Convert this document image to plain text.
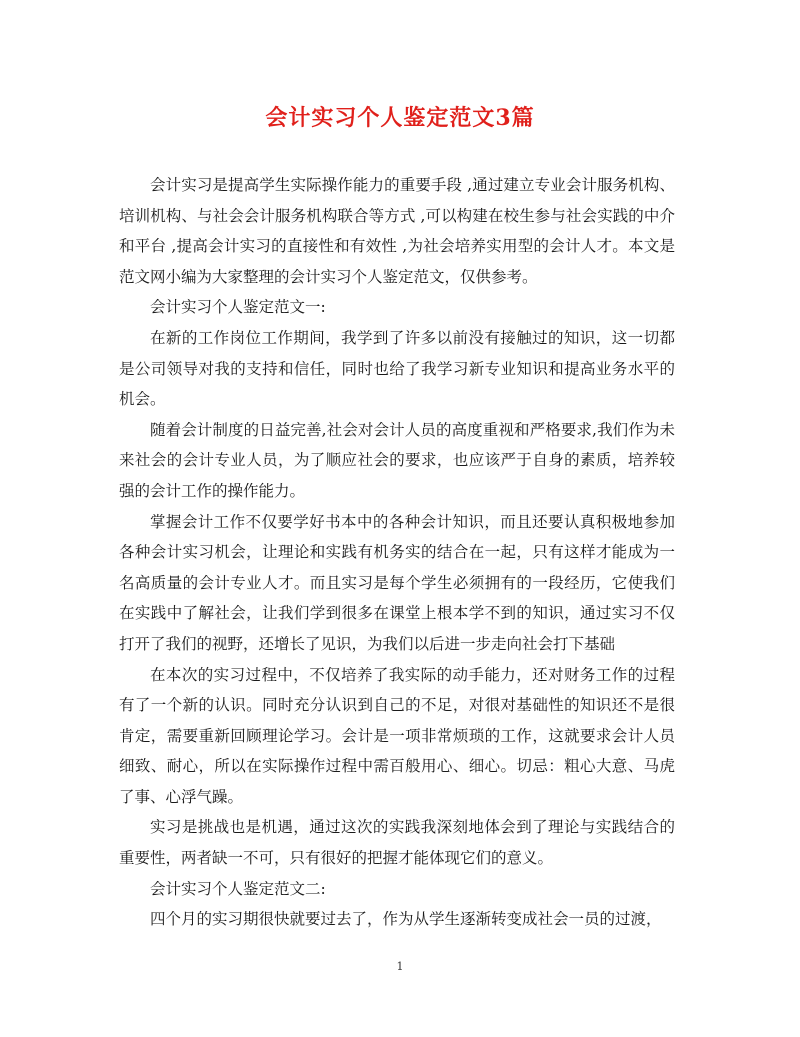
会计实习个人鉴定范文3篇

会计实习是提高学生实际操作能力的重要手段 ,通过建立专业会计服务机构、培训机构、与社会会计服务机构联合等方式 ,可以构建在校生参与社会实践的中介和平台 ,提高会计实习的直接性和有效性 ,为社会培养实用型的会计人才。本文是范文网小编为大家整理的会计实习个人鉴定范文，仅供参考。

会计实习个人鉴定范文一:

在新的工作岗位工作期间，我学到了许多以前没有接触过的知识，这一切都是公司领导对我的支持和信任，同时也给了我学习新专业知识和提高业务水平的机会。

随着会计制度的日益完善,社会对会计人员的高度重视和严格要求,我们作为未来社会的会计专业人员，为了顺应社会的要求，也应该严于自身的素质，培养较强的会计工作的操作能力。

掌握会计工作不仅要学好书本中的各种会计知识，而且还要认真积极地参加各种会计实习机会，让理论和实践有机务实的结合在一起，只有这样才能成为一名高质量的会计专业人才。而且实习是每个学生必须拥有的一段经历，它使我们在实践中了解社会，让我们学到很多在课堂上根本学不到的知识，通过实习不仅打开了我们的视野，还增长了见识，为我们以后进一步走向社会打下基础

在本次的实习过程中，不仅培养了我实际的动手能力，还对财务工作的过程有了一个新的认识。同时充分认识到自己的不足，对很对基础性的知识还不是很肯定，需要重新回顾理论学习。会计是一项非常烦琐的工作，这就要求会计人员细致、耐心，所以在实际操作过程中需百般用心、细心。切忌：粗心大意、马虎了事、心浮气躁。

实习是挑战也是机遇，通过这次的实践我深刻地体会到了理论与实践结合的重要性，两者缺一不可，只有很好的把握才能体现它们的意义。

会计实习个人鉴定范文二:

四个月的实习期很快就要过去了，作为从学生逐渐转变成社会一员的过渡，

1
